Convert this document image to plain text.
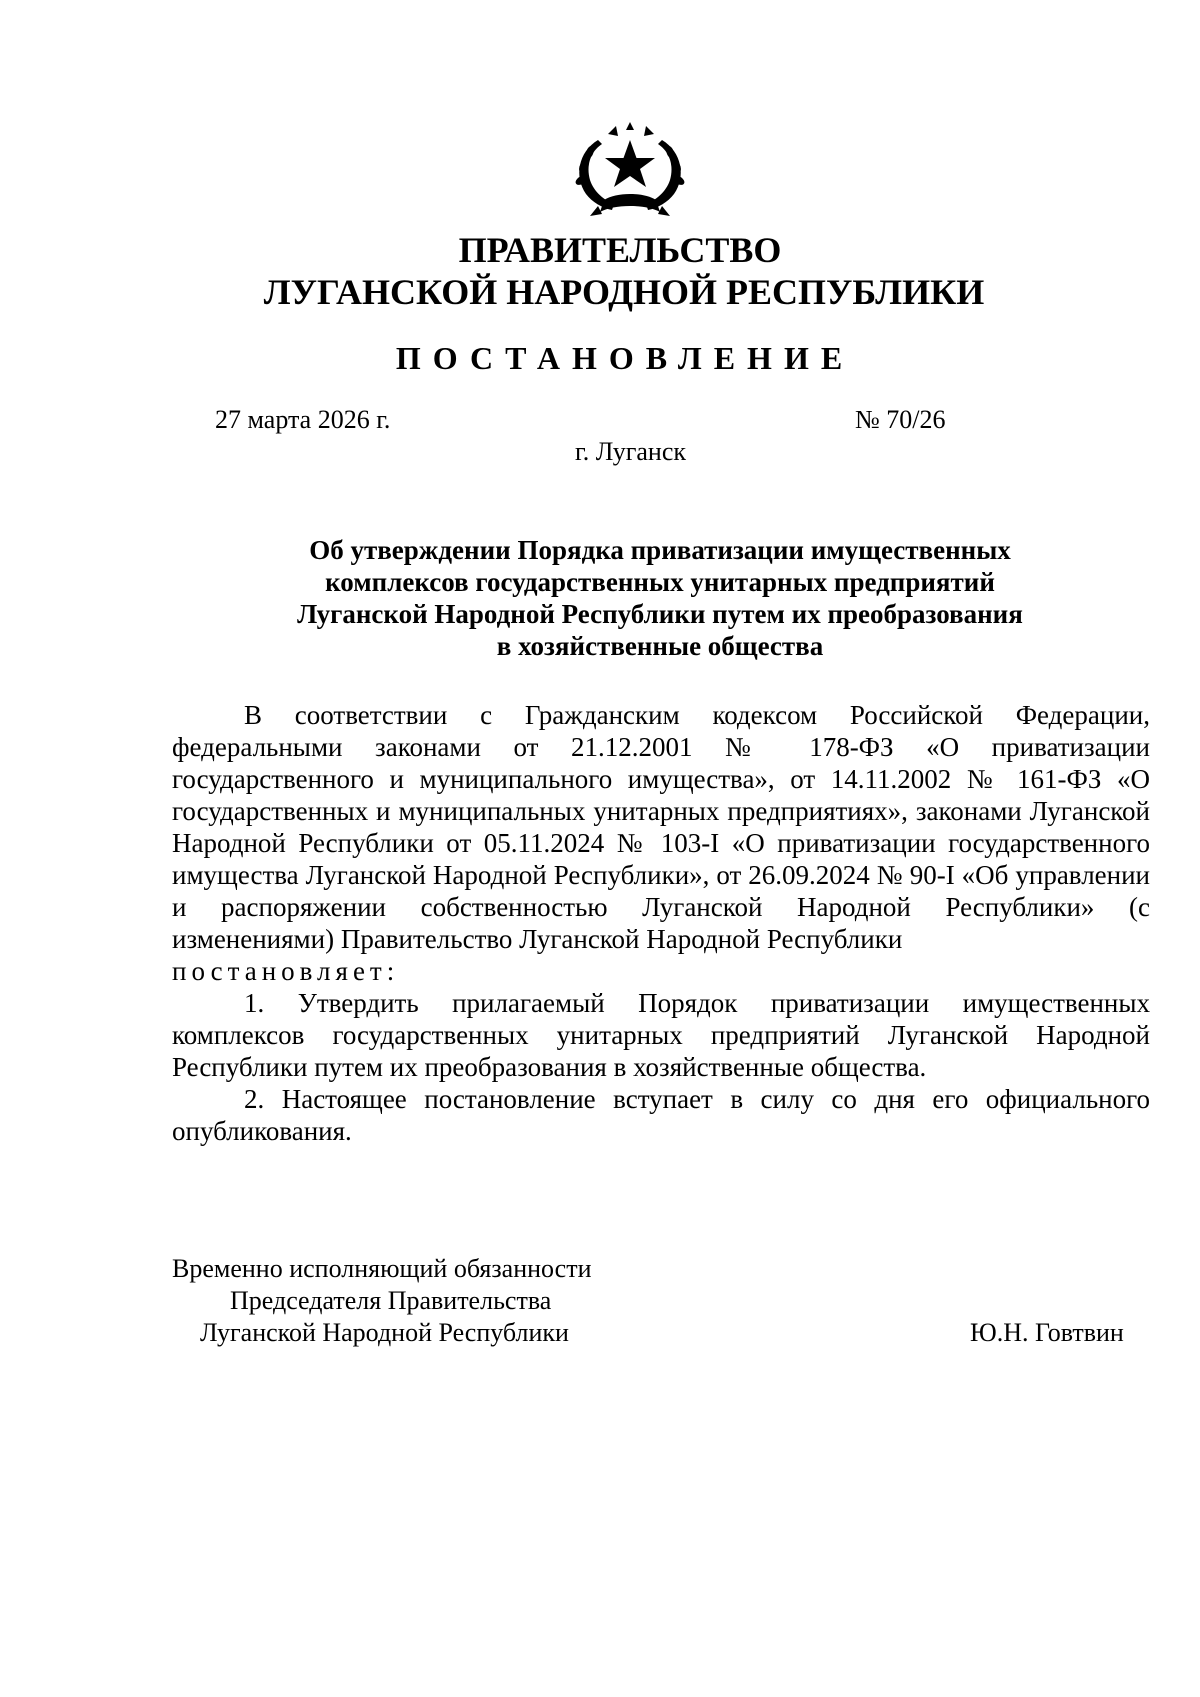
ПРАВИТЕЛЬСТВО
ЛУГАНСКОЙ НАРОДНОЙ РЕСПУБЛИКИ
ПОСТАНОВЛЕНИЕ
27 марта 2026 г.	№ 70/26
г. Луганск
Об утверждении Порядка приватизации имущественных
комплексов государственных унитарных предприятий
Луганской Народной Республики путем их преобразования
в хозяйственные общества

В соответствии с Гражданским кодексом Российской Федерации, федеральными законами от 21.12.2001 № 178-ФЗ «О приватизации государственного и муниципального имущества», от 14.11.2002 № 161-ФЗ «О государственных и муниципальных унитарных предприятиях», законами Луганской Народной Республики от 05.11.2024 № 103-I «О приватизации государственного имущества Луганской Народной Республики», от 26.09.2024 № 90-I «Об управлении и распоряжении собственностью Луганской Народной Республики» (с изменениями) Правительство Луганской Народной Республики

постановляет:

1. Утвердить прилагаемый Порядок приватизации имущественных комплексов государственных унитарных предприятий Луганской Народной Республики путем их преобразования в хозяйственные общества.

2. Настоящее постановление вступает в силу со дня его официального опубликования.

Временно исполняющий обязанности
Председателя Правительства
Луганской Народной Республики	Ю.Н. Говтвин
